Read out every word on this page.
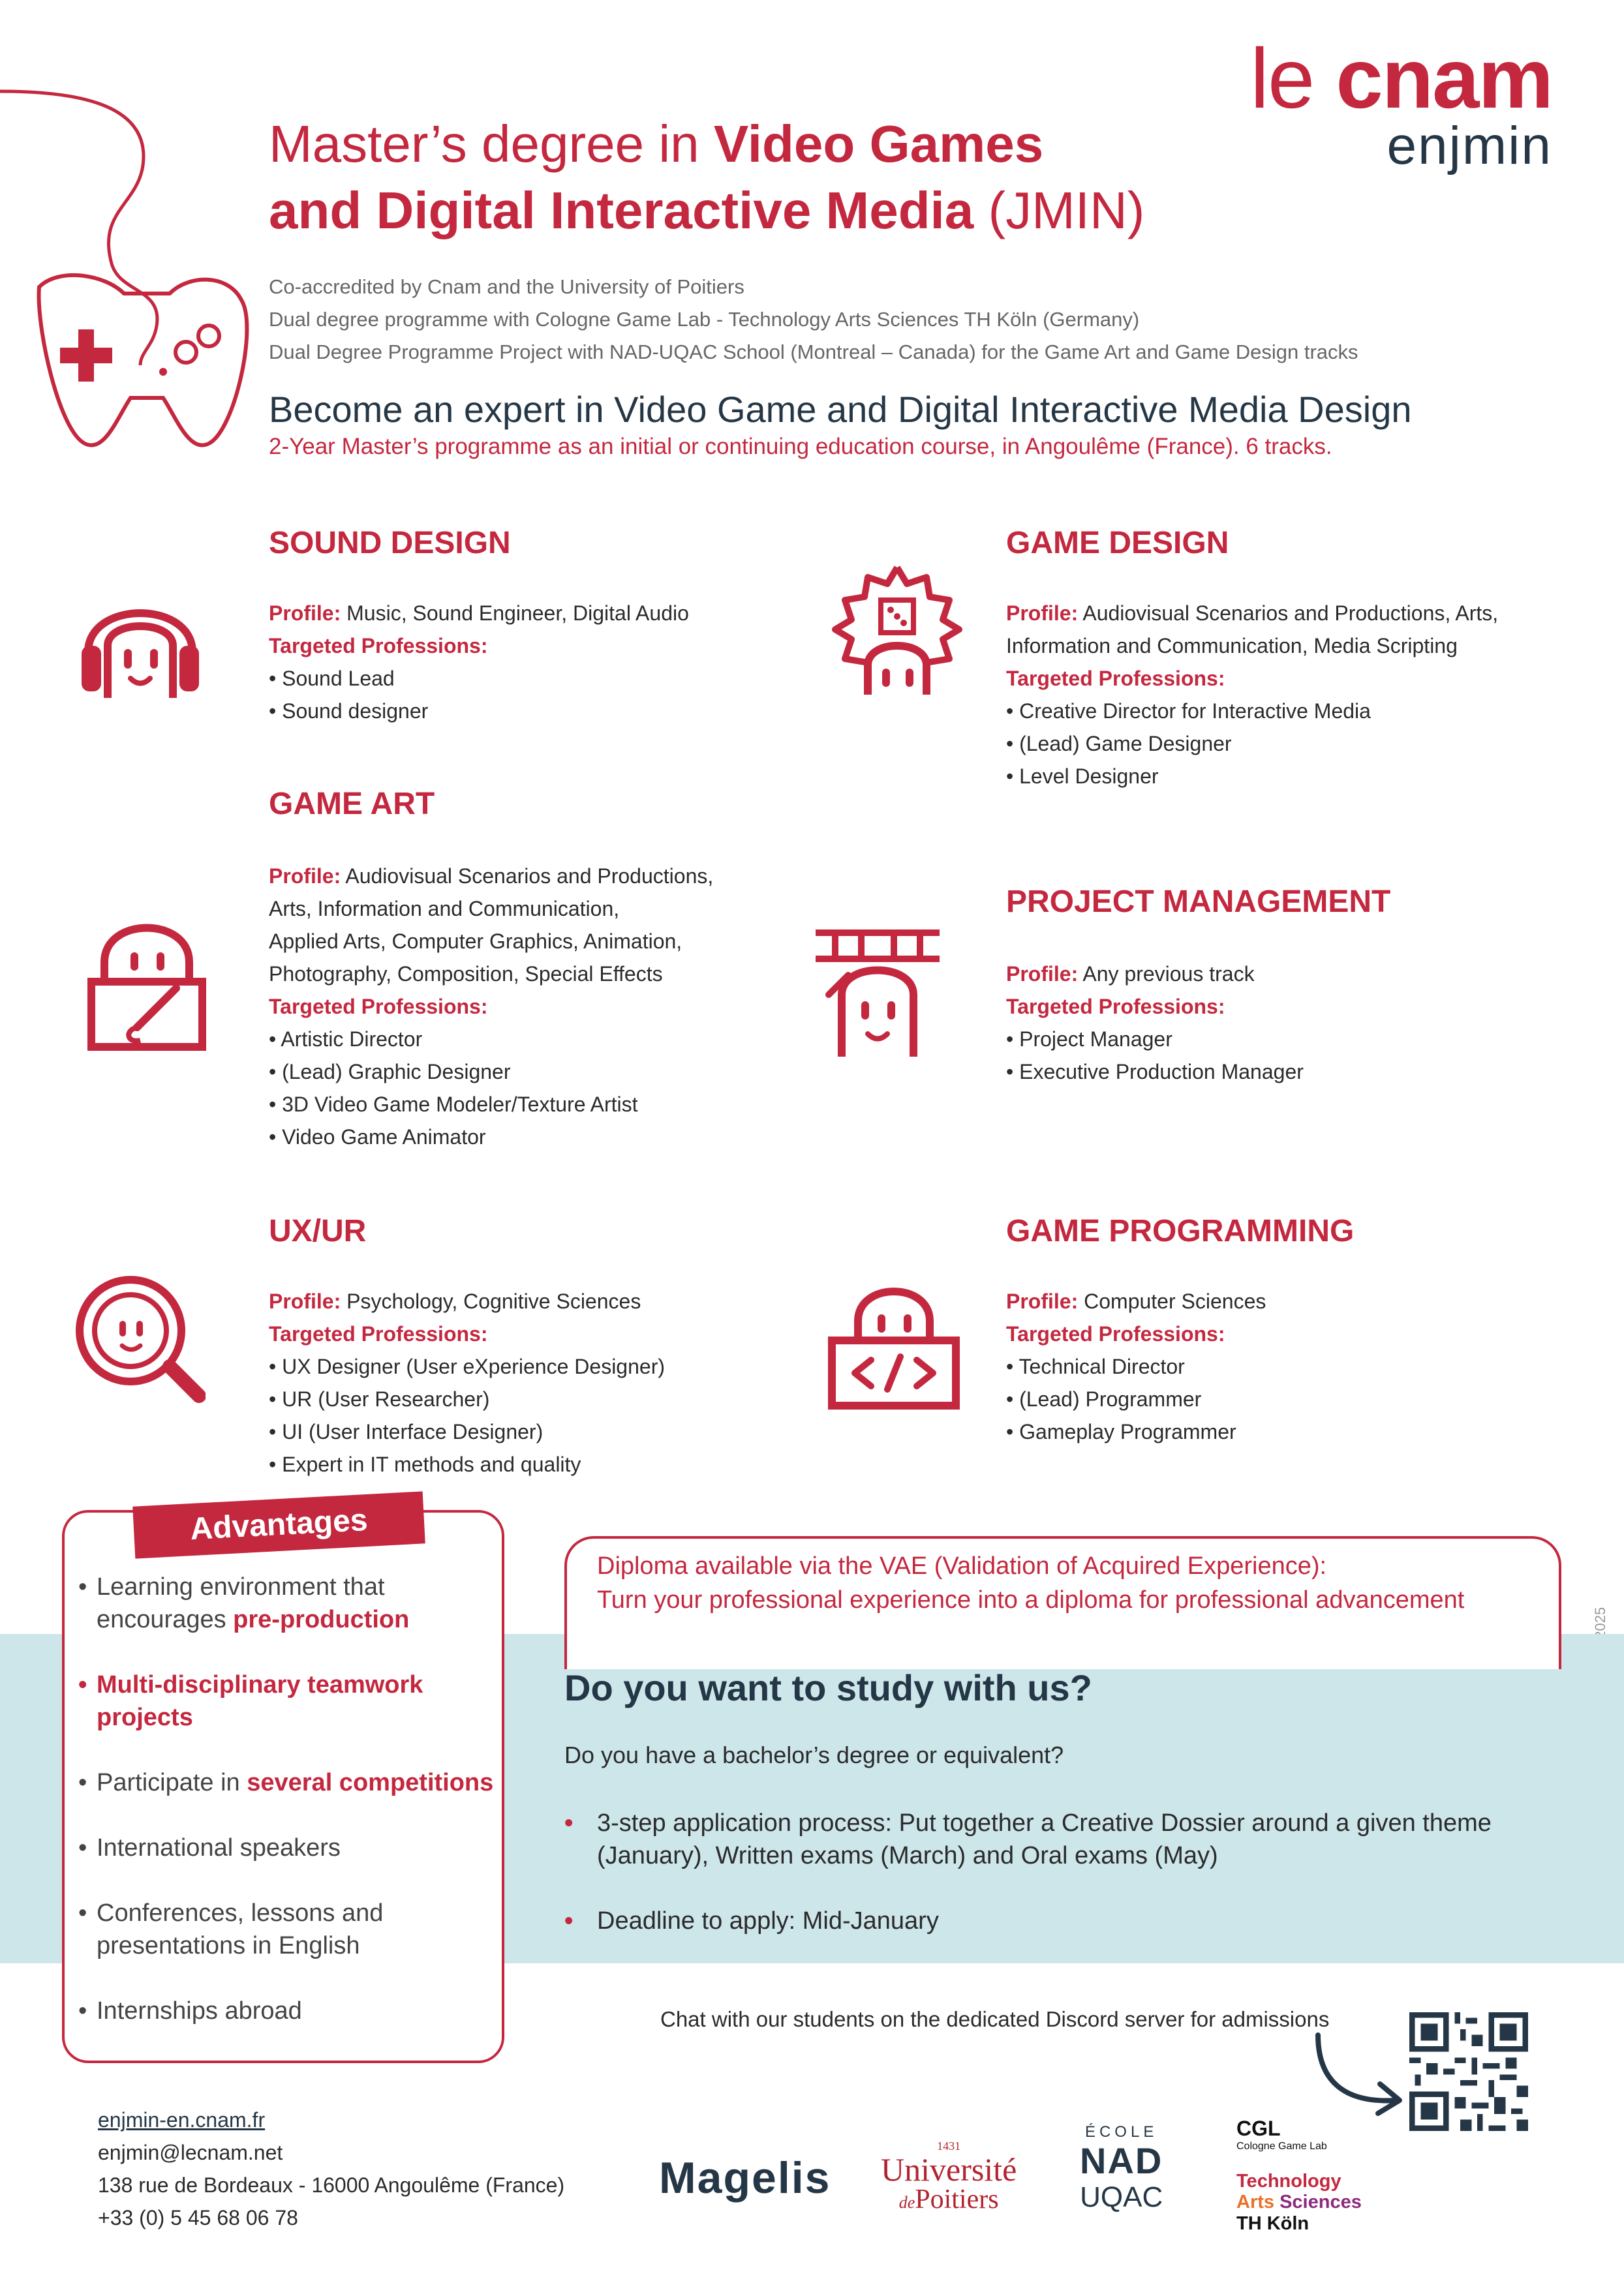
le cnam
enjmin
Master’s degree in Video Games
and Digital Interactive Media (JMIN)
Co-accredited by Cnam and the University of Poitiers
Dual degree programme with Cologne Game Lab - Technology Arts Sciences TH Köln (Germany)
Dual Degree Programme Project with NAD-UQAC School (Montreal – Canada) for the Game Art and Game Design tracks
Become an expert in Video Game and Digital Interactive Media Design
2-Year Master’s programme as an initial or continuing education course, in Angoulême (France). 6 tracks.
SOUND DESIGN
Profile: Music, Sound Engineer, Digital Audio
Targeted Professions:
• Sound Lead
• Sound designer
GAME DESIGN
Profile: Audiovisual Scenarios and Productions, Arts,
Information and Communication, Media Scripting
Targeted Professions:
• Creative Director for Interactive Media
• (Lead) Game Designer
• Level Designer
GAME ART
Profile: Audiovisual Scenarios and Productions,
Arts, Information and Communication,
Applied Arts, Computer Graphics, Animation,
Photography, Composition, Special Effects
Targeted Professions:
• Artistic Director
• (Lead) Graphic Designer
• 3D Video Game Modeler/Texture Artist
• Video Game Animator
PROJECT MANAGEMENT
Profile: Any previous track
Targeted Professions:
• Project Manager
• Executive Production Manager
UX/UR
Profile: Psychology, Cognitive Sciences
Targeted Professions:
• UX Designer (User eXperience Designer)
• UR (User Researcher)
• UI (User Interface Designer)
• Expert in IT methods and quality
GAME PROGRAMMING
Profile: Computer Sciences
Targeted Professions:
• Technical Director
• (Lead) Programmer
• Gameplay Programmer
Diploma available via the VAE (Validation of Acquired Experience):
Turn your professional experience into a diploma for professional advancement
Advantages
• Learning environment that encourages pre-production
• Multi-disciplinary teamwork projects
• Participate in several competitions
• International speakers
• Conferences, lessons and presentations in English
• Internships abroad
Do you want to study with us?
Do you have a bachelor’s degree or equivalent?
• 3-step application process: Put together a Creative Dossier around a given theme (January), Written exams (March) and Oral exams (May)
• Deadline to apply: Mid-January
Chat with our students on the dedicated Discord server for admissions
enjmin-en.cnam.fr
enjmin@lecnam.net
138 rue de Bordeaux - 16000 Angoulême (France)
+33 (0) 5 45 68 06 78
Magelis
1431
Université
dePoitiers
ÉCOLE
NAD
UQAC
CGL
Cologne Game Lab
Technology
Arts Sciences
TH Köln
